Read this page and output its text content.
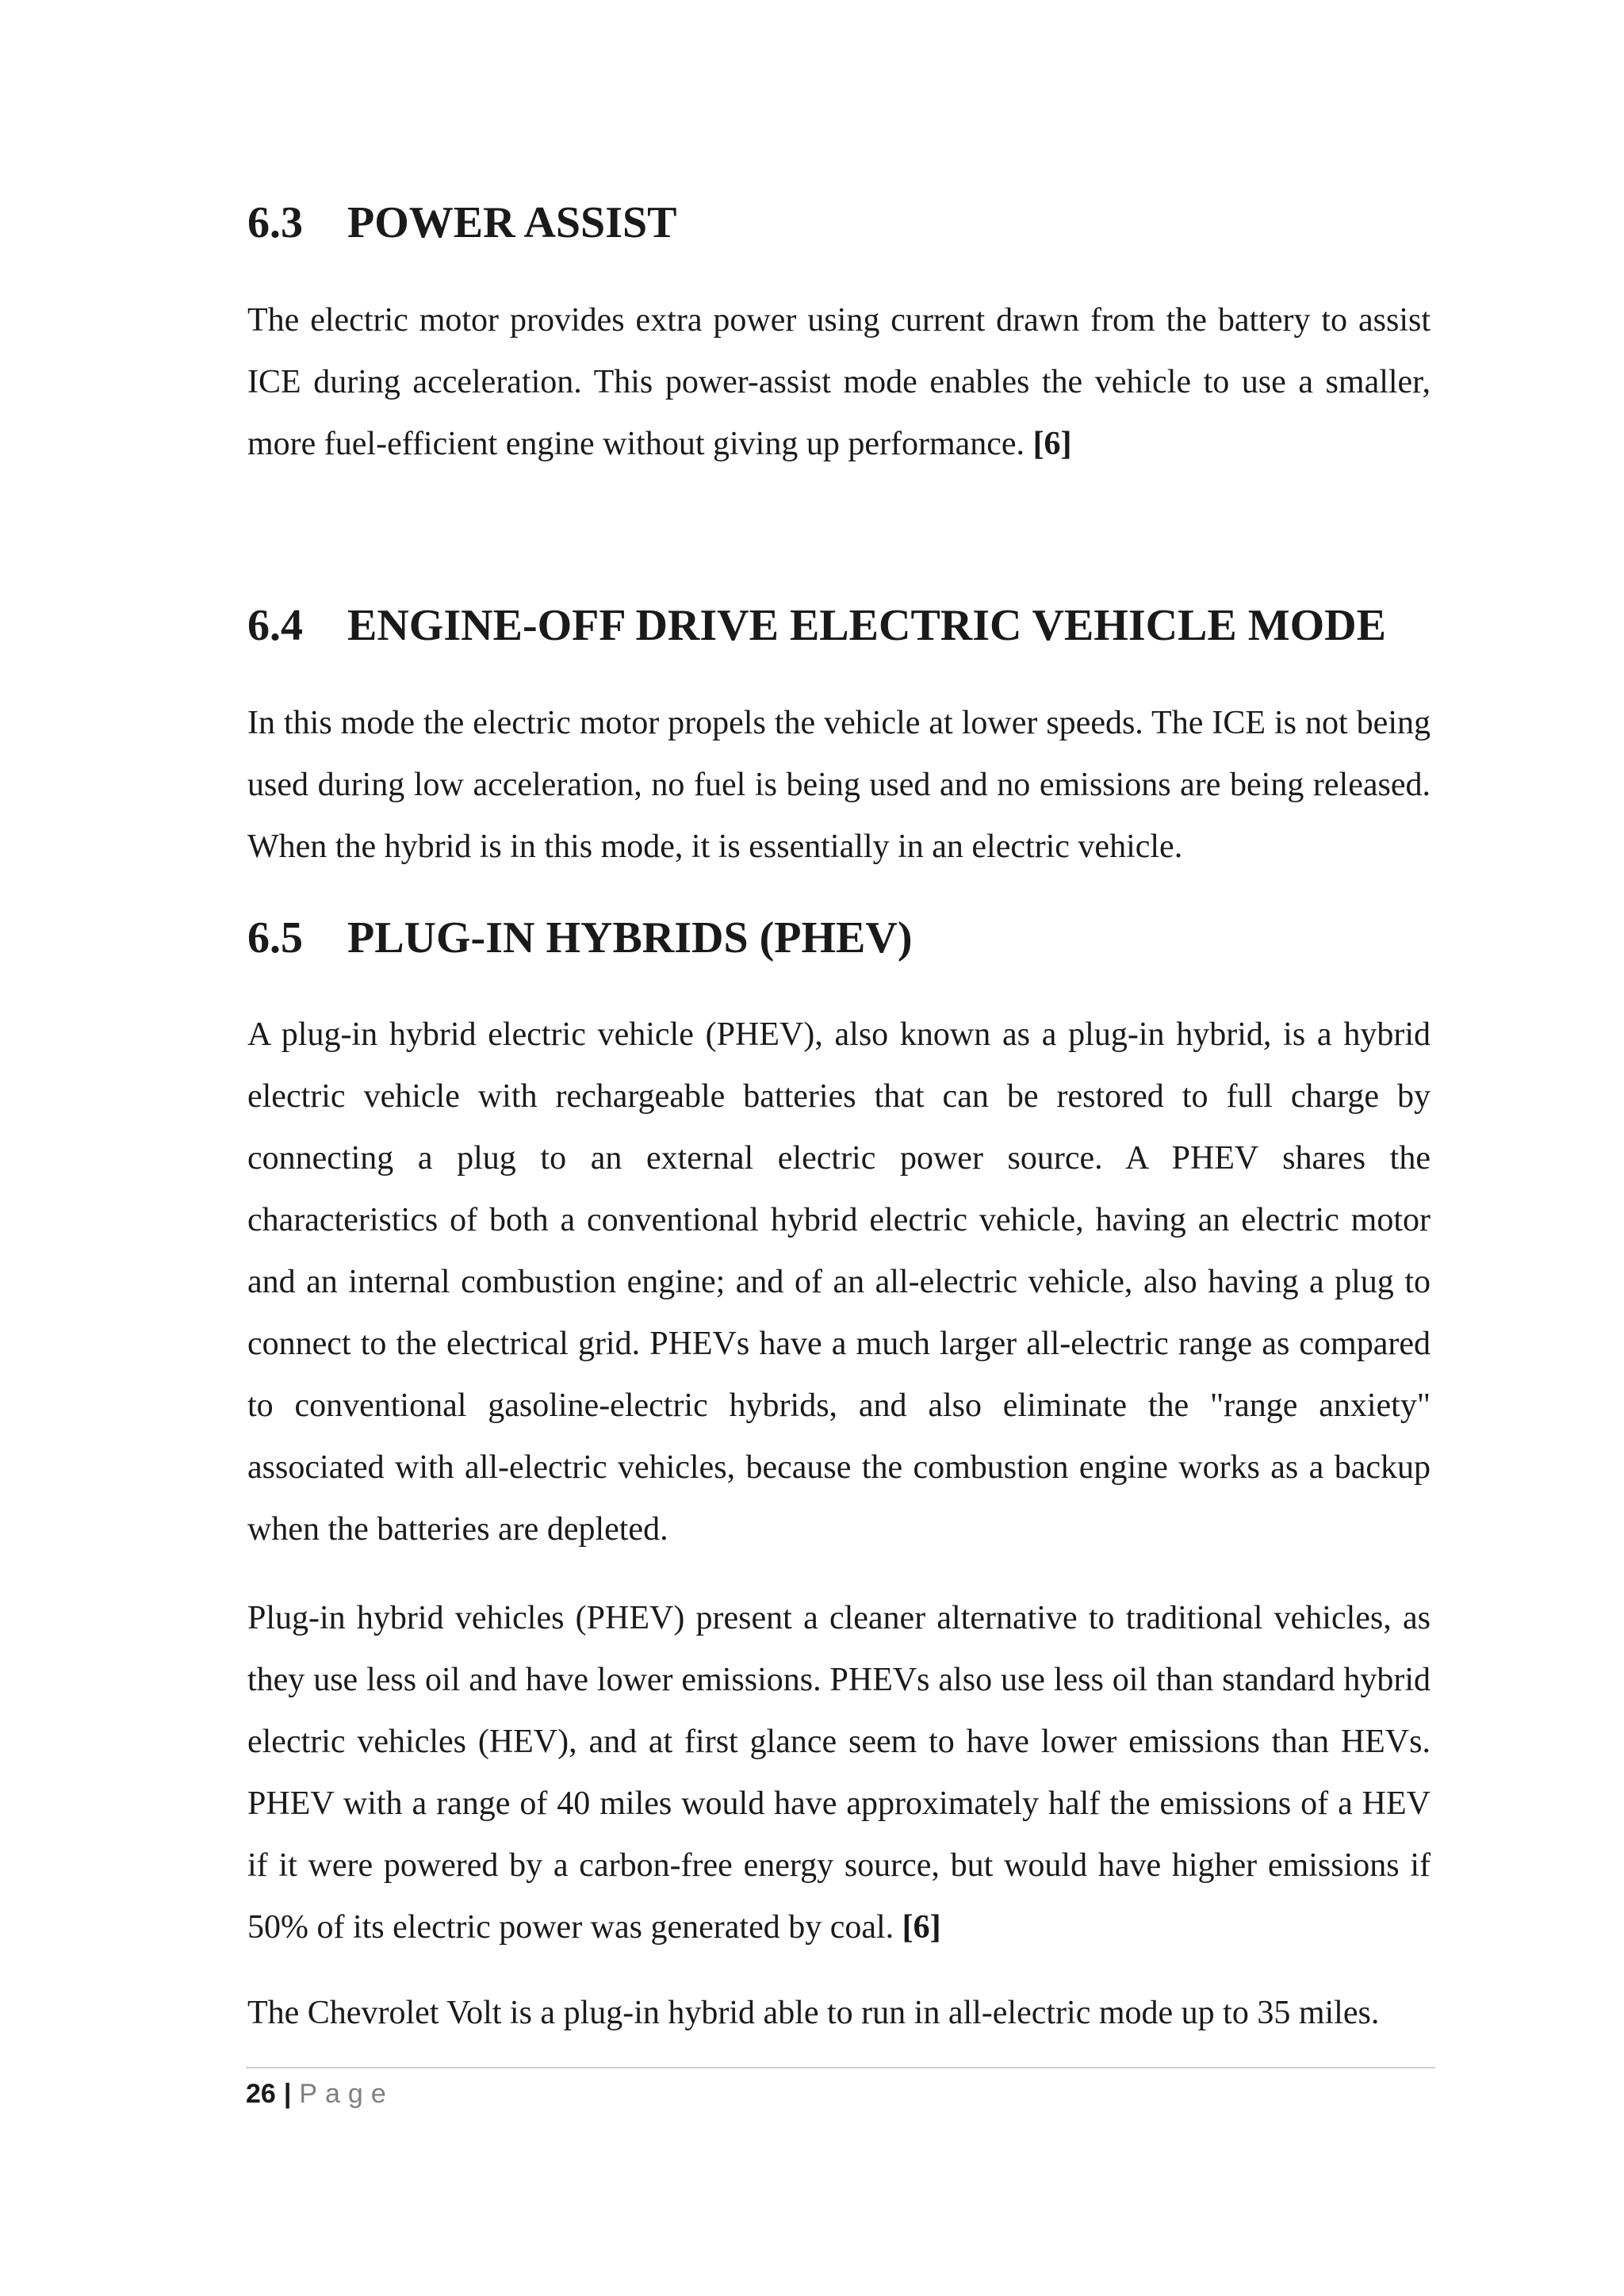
6.3 POWER ASSIST

The electric motor provides extra power using current drawn from the battery to assist ICE during acceleration. This power-assist mode enables the vehicle to use a smaller, more fuel-efficient engine without giving up performance. [6]

6.4 ENGINE-OFF DRIVE ELECTRIC VEHICLE MODE

In this mode the electric motor propels the vehicle at lower speeds. The ICE is not being used during low acceleration, no fuel is being used and no emissions are being released. When the hybrid is in this mode, it is essentially in an electric vehicle.

6.5 PLUG-IN HYBRIDS (PHEV)

A plug-in hybrid electric vehicle (PHEV), also known as a plug-in hybrid, is a hybrid electric vehicle with rechargeable batteries that can be restored to full charge by connecting a plug to an external electric power source. A PHEV shares the characteristics of both a conventional hybrid electric vehicle, having an electric motor and an internal combustion engine; and of an all-electric vehicle, also having a plug to connect to the electrical grid. PHEVs have a much larger all-electric range as compared to conventional gasoline-electric hybrids, and also eliminate the "range anxiety" associated with all-electric vehicles, because the combustion engine works as a backup when the batteries are depleted.

Plug-in hybrid vehicles (PHEV) present a cleaner alternative to traditional vehicles, as they use less oil and have lower emissions. PHEVs also use less oil than standard hybrid electric vehicles (HEV), and at first glance seem to have lower emissions than HEVs. PHEV with a range of 40 miles would have approximately half the emissions of a HEV if it were powered by a carbon-free energy source, but would have higher emissions if 50% of its electric power was generated by coal. [6]

The Chevrolet Volt is a plug-in hybrid able to run in all-electric mode up to 35 miles.

26 | Page
